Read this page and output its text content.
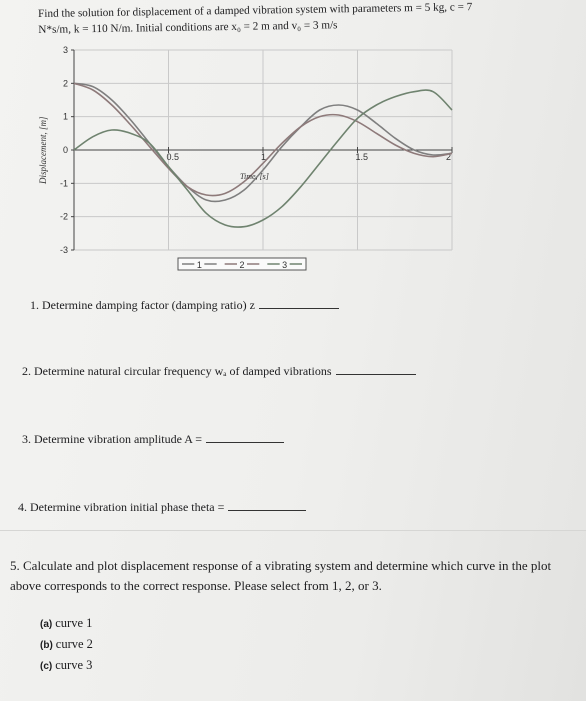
Find the solution for displacement of a damped vibration system with parameters m = 5 kg, c = 7
N*s/m, k = 110 N/m. Initial conditions are x₀ = 2 m and v₀ = 3 m/s
3
2
1
0
-1
-2
-3
0.5	1	1.5	2
Displacement, [m]	Time, [s]
1	2	3
1. Determine damping factor (damping ratio) z
2. Determine natural circular frequency wₐ of damped vibrations
3. Determine vibration amplitude A =
4. Determine vibration initial phase theta =
5. Calculate and plot displacement response of a vibrating system and determine which curve in the plot above corresponds to the correct response. Please select from 1, 2, or 3.
(a) curve 1
(b) curve 2
(c) curve 3
